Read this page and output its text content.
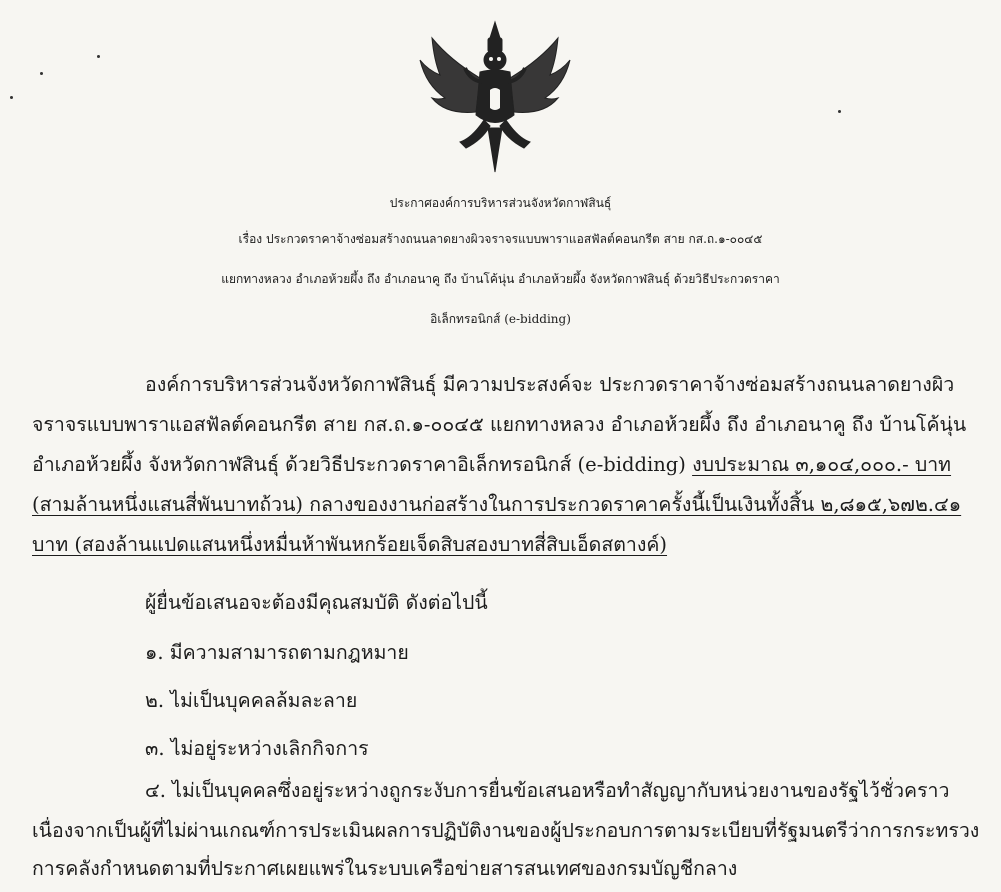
ประกาศองค์การบริหารส่วนจังหวัดกาฬสินธุ์
เรื่อง ประกวดราคาจ้างซ่อมสร้างถนนลาดยางผิวจราจรแบบพาราแอสฟัลต์คอนกรีต สาย กส.ถ.๑-๐๐๔๕
แยกทางหลวง อำเภอห้วยผึ้ง ถึง อำเภอนาคู ถึง บ้านโค้นุ่น อำเภอห้วยผึ้ง จังหวัดกาฬสินธุ์ ด้วยวิธีประกวดราคา
อิเล็กทรอนิกส์ (e-bidding)
องค์การบริหารส่วนจังหวัดกาฬสินธุ์ มีความประสงค์จะ ประกวดราคาจ้างซ่อมสร้างถนนลาดยางผิว
จราจรแบบพาราแอสฟัลต์คอนกรีต สาย กส.ถ.๑-๐๐๔๕ แยกทางหลวง อำเภอห้วยผึ้ง ถึง อำเภอนาคู ถึง บ้านโค้นุ่น
อำเภอห้วยผึ้ง จังหวัดกาฬสินธุ์ ด้วยวิธีประกวดราคาอิเล็กทรอนิกส์ (e-bidding) งบประมาณ ๓,๑๐๔,๐๐๐.- บาท
(สามล้านหนึ่งแสนสี่พันบาทถ้วน) กลางของงานก่อสร้างในการประกวดราคาครั้งนี้เป็นเงินทั้งสิ้น ๒,๘๑๕,๖๗๒.๔๑
บาท (สองล้านแปดแสนหนึ่งหมื่นห้าพันหกร้อยเจ็ดสิบสองบาทสี่สิบเอ็ดสตางค์)
ผู้ยื่นข้อเสนอจะต้องมีคุณสมบัติ ดังต่อไปนี้
๑. มีความสามารถตามกฎหมาย
๒. ไม่เป็นบุคคลล้มละลาย
๓. ไม่อยู่ระหว่างเลิกกิจการ
๔. ไม่เป็นบุคคลซึ่งอยู่ระหว่างถูกระงับการยื่นข้อเสนอหรือทำสัญญากับหน่วยงานของรัฐไว้ชั่วคราว
เนื่องจากเป็นผู้ที่ไม่ผ่านเกณฑ์การประเมินผลการปฏิบัติงานของผู้ประกอบการตามระเบียบที่รัฐมนตรีว่าการกระทรวง
การคลังกำหนดตามที่ประกาศเผยแพร่ในระบบเครือข่ายสารสนเทศของกรมบัญชีกลาง
